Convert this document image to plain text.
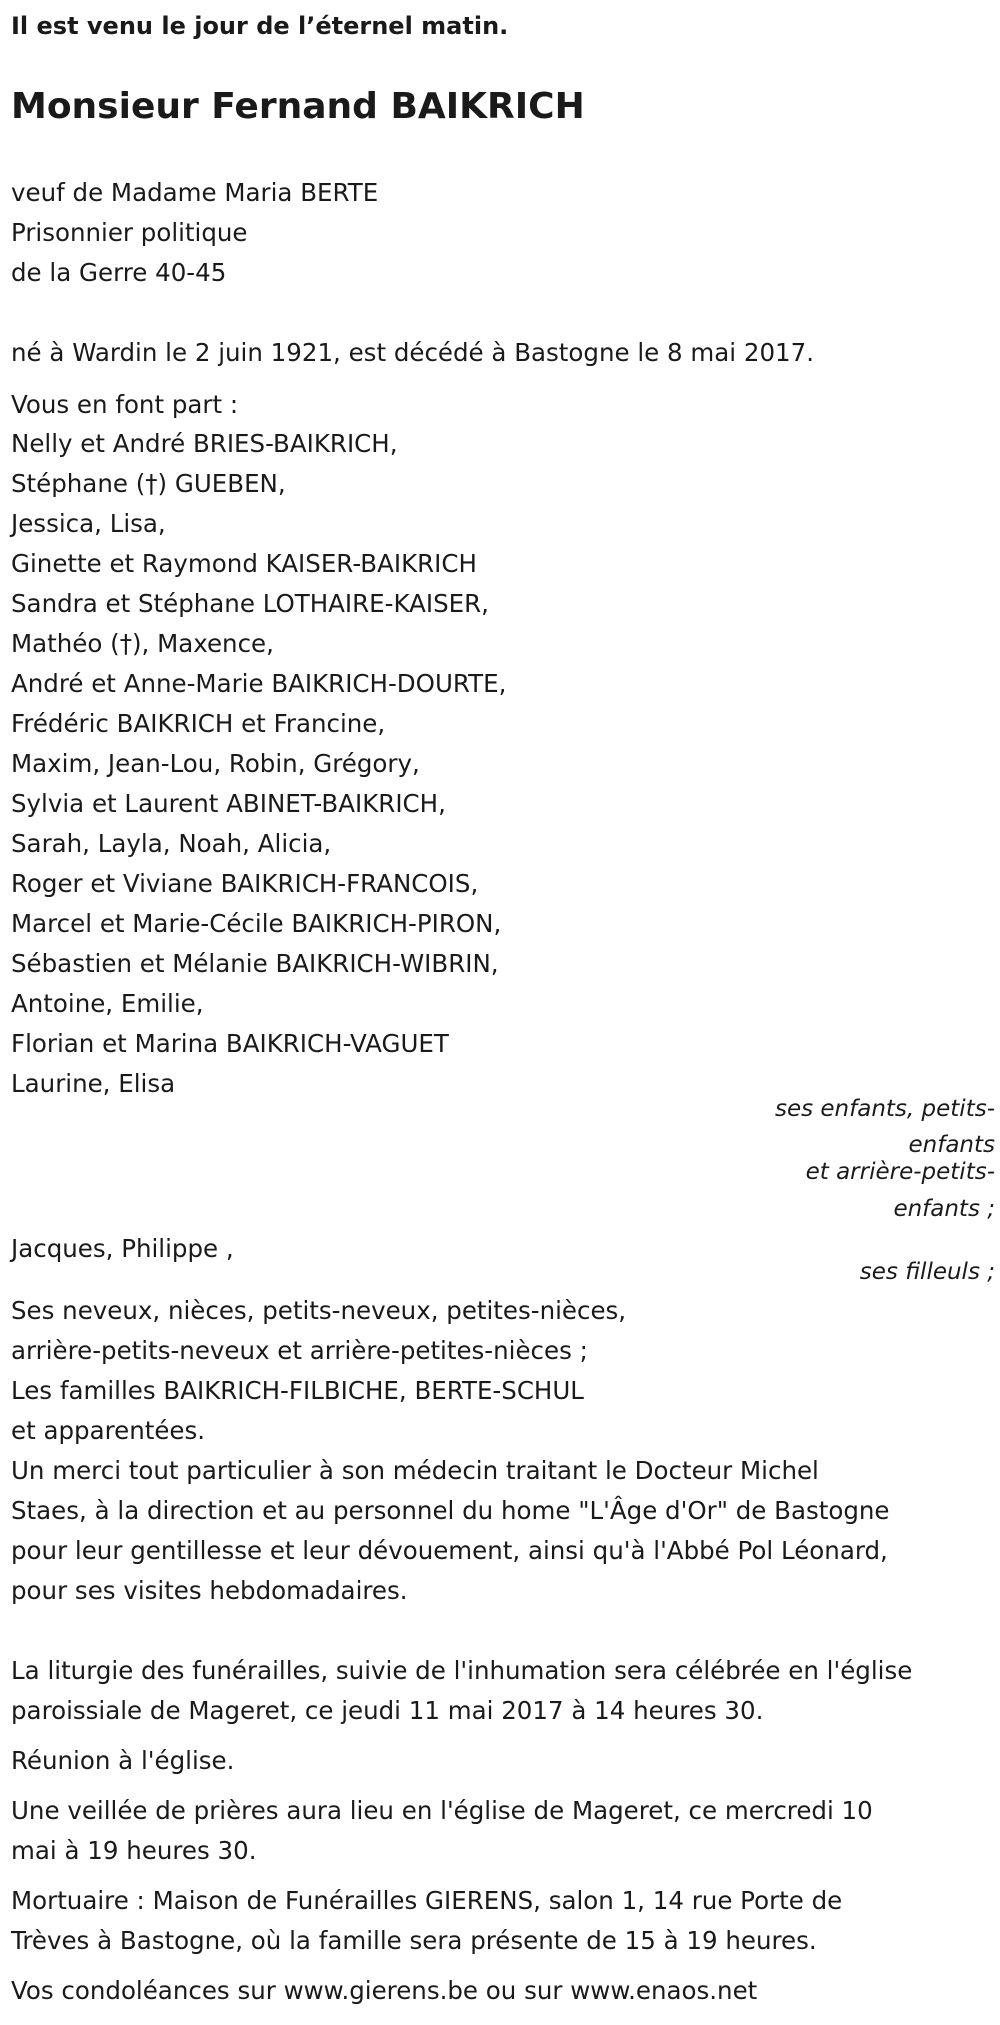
Il est venu le jour de l’éternel matin.
Monsieur Fernand BAIKRICH
veuf de Madame Maria BERTE
Prisonnier politique
de la Gerre 40-45
né à Wardin le 2 juin 1921, est décédé à Bastogne le 8 mai 2017.
Vous en font part :
Nelly et André BRIES-BAIKRICH,
Stéphane (†) GUEBEN,
Jessica, Lisa,
Ginette et Raymond KAISER-BAIKRICH
Sandra et Stéphane LOTHAIRE-KAISER,
Mathéo (†), Maxence,
André et Anne-Marie BAIKRICH-DOURTE,
Frédéric BAIKRICH et Francine,
Maxim, Jean-Lou, Robin, Grégory,
Sylvia et Laurent ABINET-BAIKRICH,
Sarah, Layla, Noah, Alicia,
Roger et Viviane BAIKRICH-FRANCOIS,
Marcel et Marie-Cécile BAIKRICH-PIRON,
Sébastien et Mélanie BAIKRICH-WIBRIN,
Antoine, Emilie,
Florian et Marina BAIKRICH-VAGUET
Laurine, Elisa
ses enfants, petits-
enfants
et arrière-petits-
enfants ;
Jacques, Philippe ,
ses filleuls ;
Ses neveux, nièces, petits-neveux, petites-nièces,
arrière-petits-neveux et arrière-petites-nièces ;
Les familles BAIKRICH-FILBICHE, BERTE-SCHUL
et apparentées.
Un merci tout particulier à son médecin traitant le Docteur Michel
Staes, à la direction et au personnel du home "L'Âge d'Or" de Bastogne
pour leur gentillesse et leur dévouement, ainsi qu'à l'Abbé Pol Léonard,
pour ses visites hebdomadaires.
La liturgie des funérailles, suivie de l'inhumation sera célébrée en l'église
paroissiale de Mageret, ce jeudi 11 mai 2017 à 14 heures 30.
Réunion à l'église.
Une veillée de prières aura lieu en l'église de Mageret, ce mercredi 10
mai à 19 heures 30.
Mortuaire : Maison de Funérailles GIERENS, salon 1, 14 rue Porte de
Trèves à Bastogne, où la famille sera présente de 15 à 19 heures.
Vos condoléances sur www.gierens.be ou sur www.enaos.net
